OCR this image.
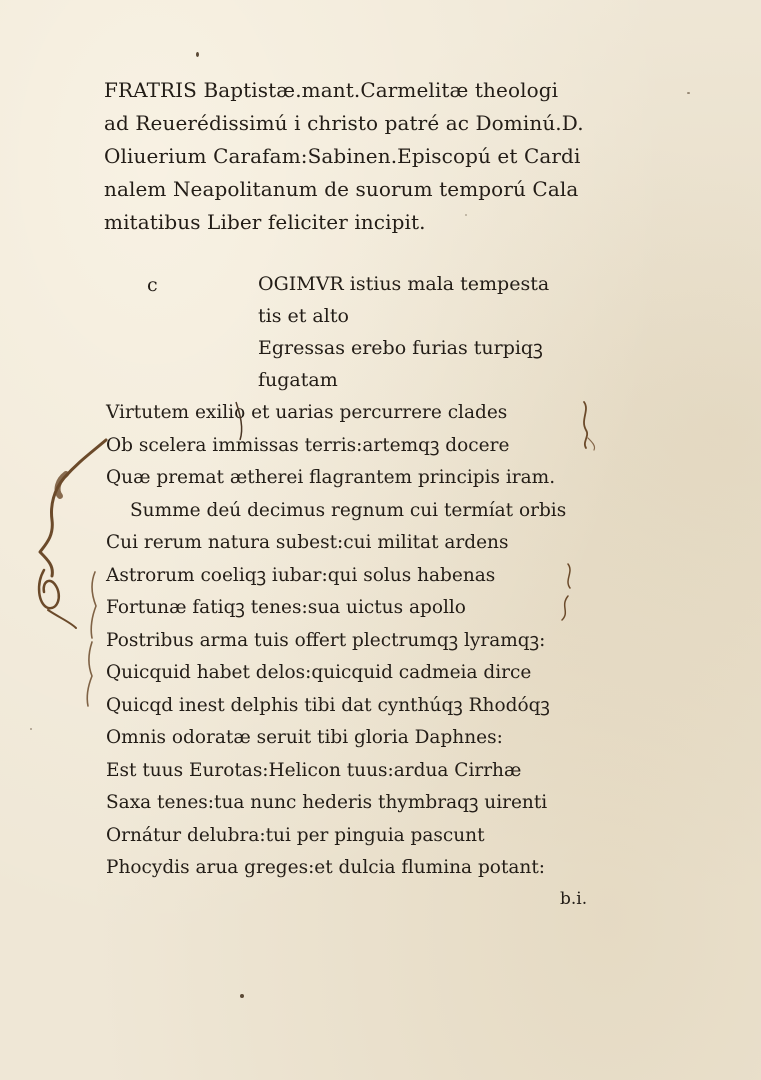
FRATRIS Baptistæ.mant.Carmelitæ theologi
ad Reuerédissimú i christo patré ac Dominú.D.
Oliuerium Carafam:Sabinen.Episcopú et Cardi
nalem Neapolitanum de suorum temporú Cala
mitatibus Liber feliciter incipit.
c	OGIMVR istius mala tempesta
tis et alto
Egressas erebo furias turpiqꝫ
fugatam
Virtutem exilio et uarias percurrere clades
Ob scelera immissas terris:artemqꝫ docere
Quæ premat ætherei flagrantem principis iram.
Summe deú decimus regnum cui termíat orbis
Cui rerum natura subest:cui militat ardens
Astrorum coeliqꝫ iubar:qui solus habenas
Fortunæ fatiqꝫ tenes:sua uictus apollo
Postribus arma tuis offert plectrumqꝫ lyramqꝫ:
Quicquid habet delos:quicquid cadmeia dirce
Quicqd inest delphis tibi dat cynthúqꝫ Rhodóqꝫ
Omnis odoratæ seruit tibi gloria Daphnes:
Est tuus Eurotas:Helicon tuus:ardua Cirrhæ
Saxa tenes:tua nunc hederis thymbraqꝫ uirenti
Ornátur delubra:tui per pinguia pascunt
Phocydis arua greges:et dulcia flumina potant:
b.i.
